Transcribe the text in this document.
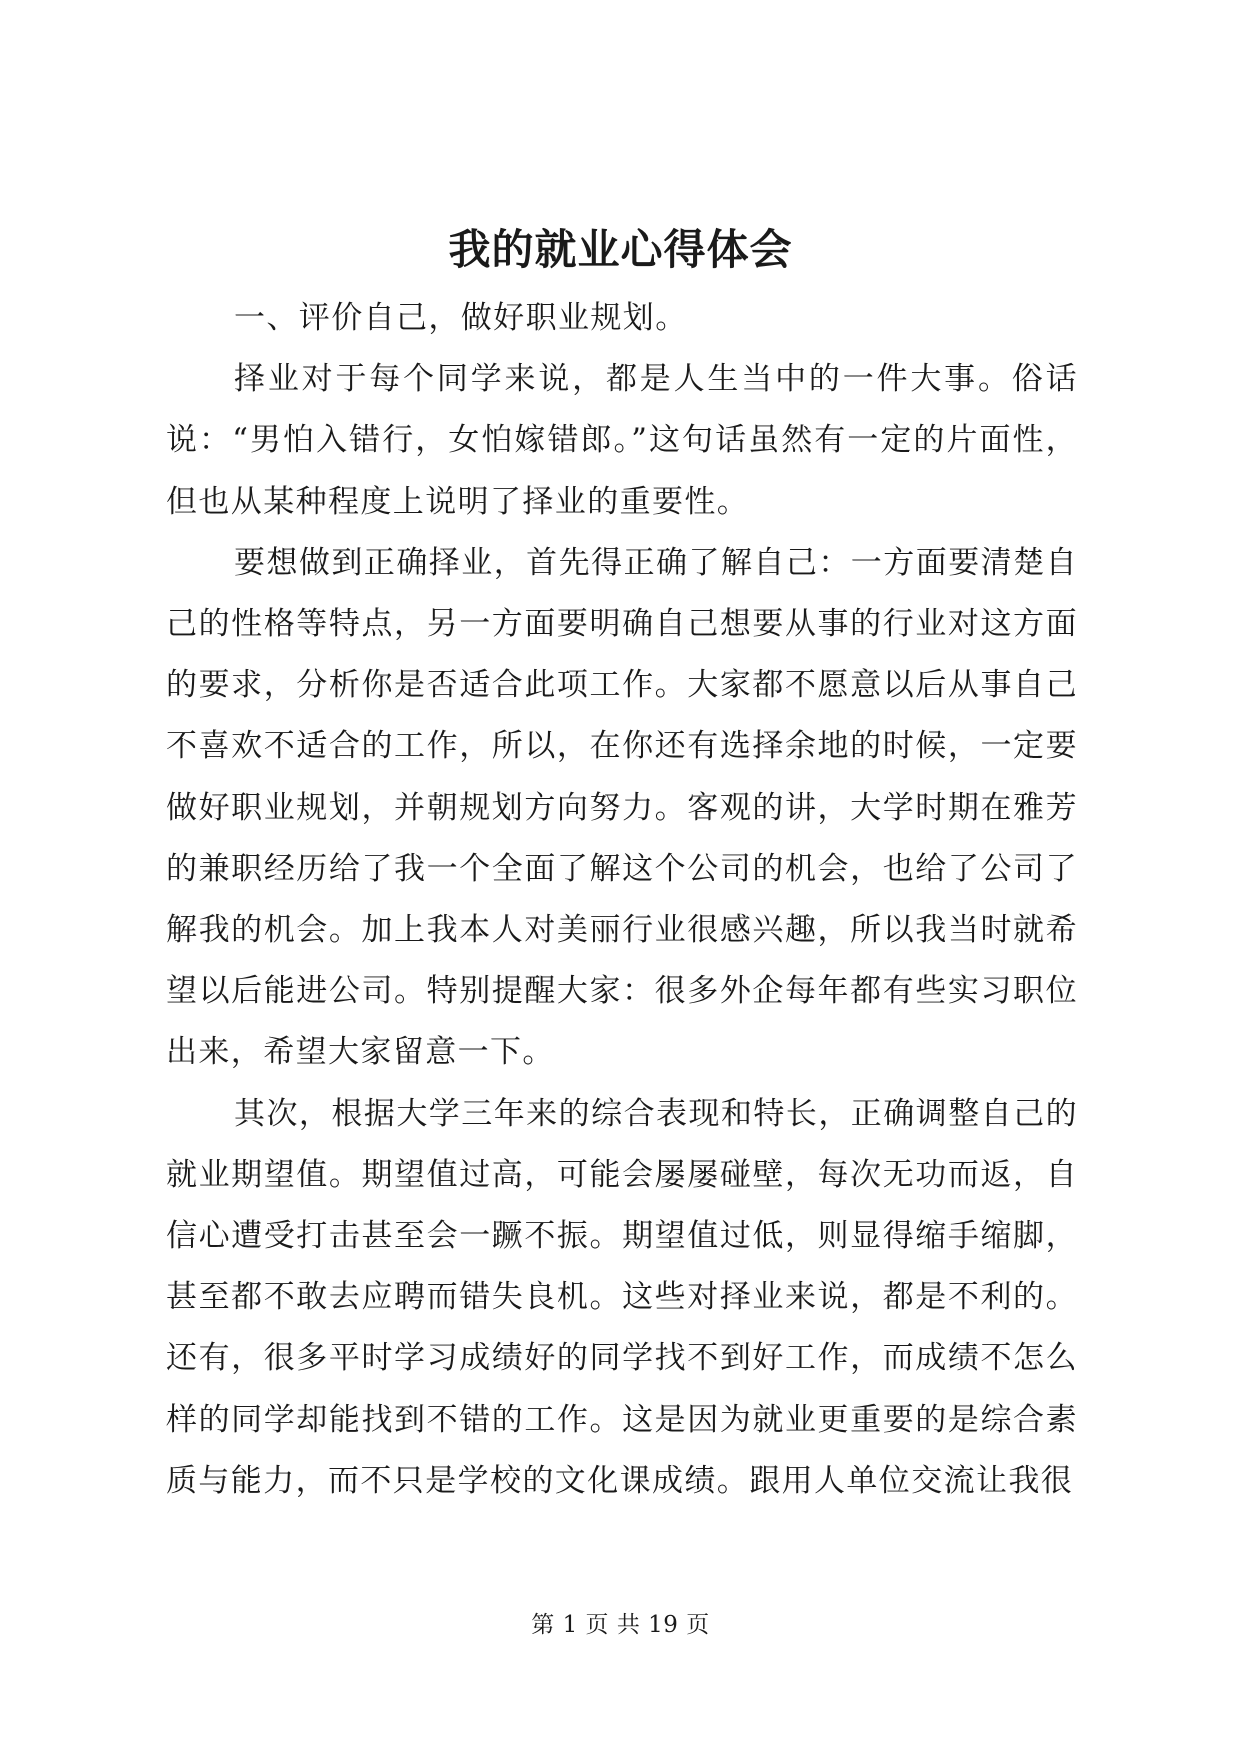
我的就业心得体会

一、评价自己，做好职业规划。

择业对于每个同学来说，都是人生当中的一件大事。俗话说：“男怕入错行，女怕嫁错郎。”这句话虽然有一定的片面性，但也从某种程度上说明了择业的重要性。

要想做到正确择业，首先得正确了解自己：一方面要清楚自己的性格等特点，另一方面要明确自己想要从事的行业对这方面的要求，分析你是否适合此项工作。大家都不愿意以后从事自己不喜欢不适合的工作，所以，在你还有选择余地的时候，一定要做好职业规划，并朝规划方向努力。客观的讲，大学时期在雅芳的兼职经历给了我一个全面了解这个公司的机会，也给了公司了解我的机会。加上我本人对美丽行业很感兴趣，所以我当时就希望以后能进公司。特别提醒大家：很多外企每年都有些实习职位出来，希望大家留意一下。

其次，根据大学三年来的综合表现和特长，正确调整自己的就业期望值。期望值过高，可能会屡屡碰壁，每次无功而返，自信心遭受打击甚至会一蹶不振。期望值过低，则显得缩手缩脚，甚至都不敢去应聘而错失良机。这些对择业来说，都是不利的。还有，很多平时学习成绩好的同学找不到好工作，而成绩不怎么样的同学却能找到不错的工作。这是因为就业更重要的是综合素质与能力，而不只是学校的文化课成绩。跟用人单位交流让我很

第 1 页 共 19 页
